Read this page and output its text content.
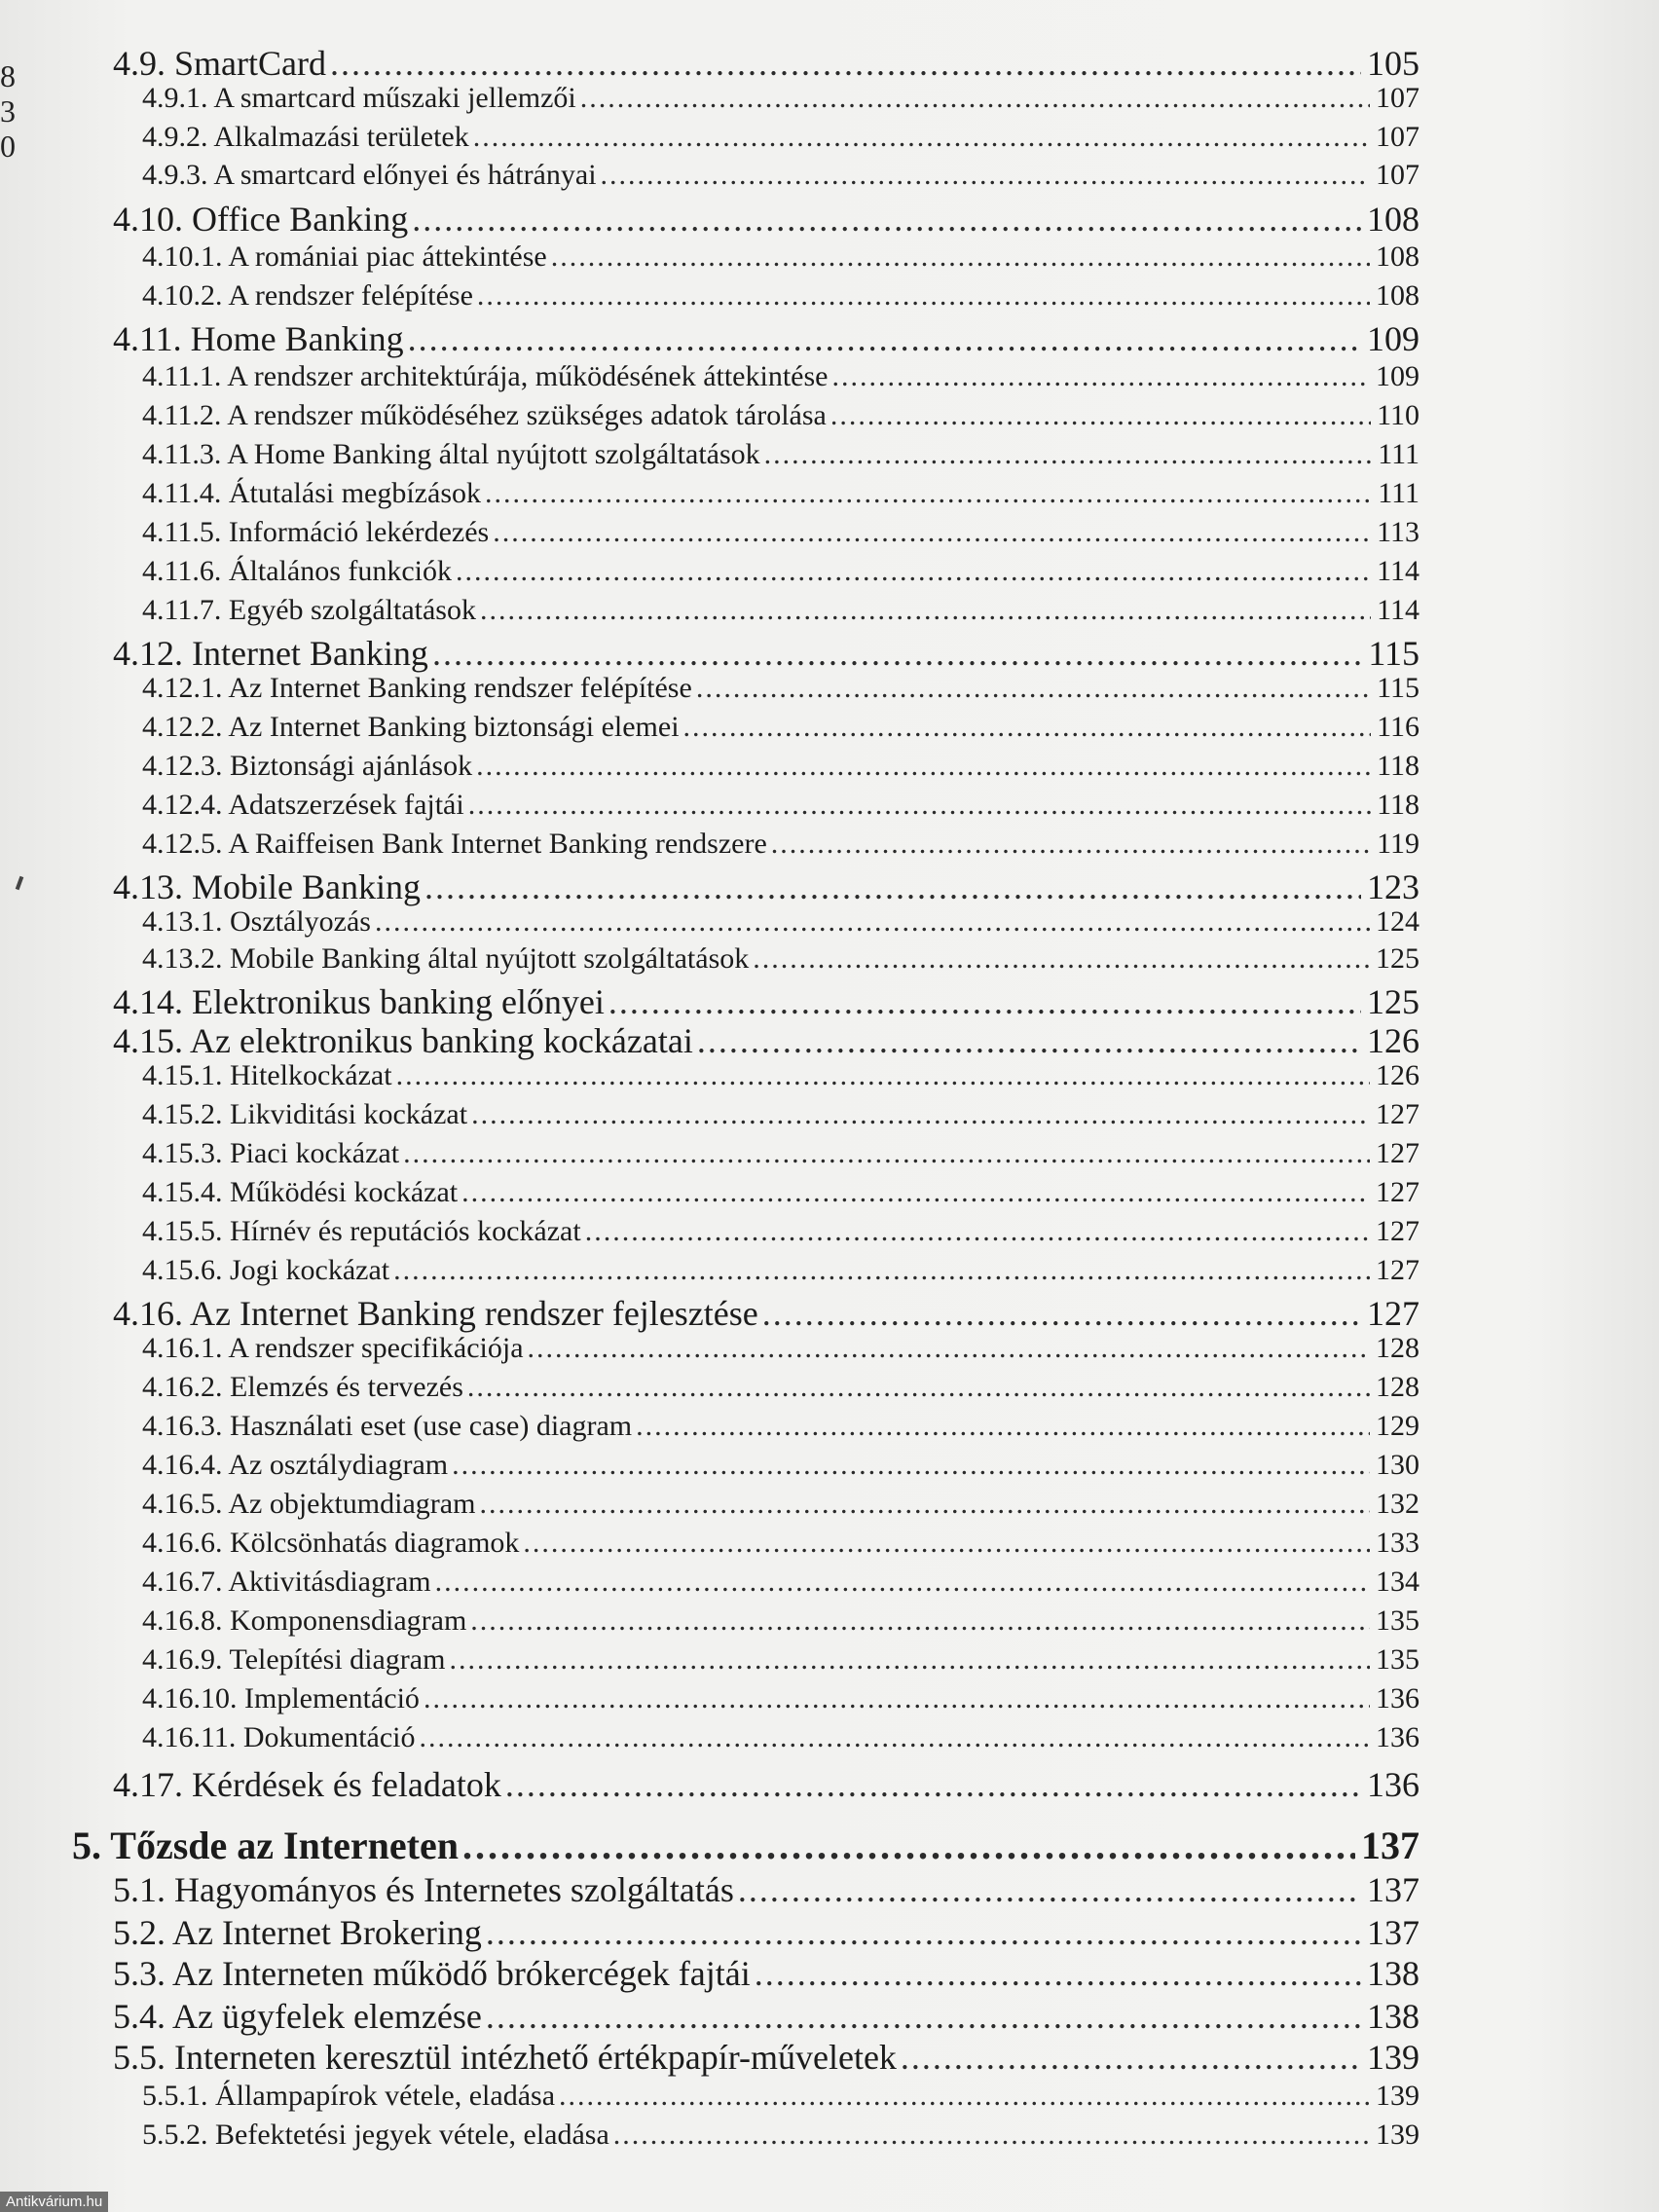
8
3
0
4.9. SmartCard .....	105
4.9.1. A smartcard műszaki jellemzői .....	107
4.9.2. Alkalmazási területek .....	107
4.9.3. A smartcard előnyei és hátrányai .....	107
4.10. Office Banking .....	108
4.10.1. A romániai piac áttekintése .....	108
4.10.2. A rendszer felépítése .....	108
4.11. Home Banking .....	109
4.11.1. A rendszer architektúrája, működésének áttekintése .....	109
4.11.2. A rendszer működéséhez szükséges adatok tárolása .....	110
4.11.3. A Home Banking által nyújtott szolgáltatások .....	111
4.11.4. Átutalási megbízások .....	111
4.11.5. Információ lekérdezés .....	113
4.11.6. Általános funkciók .....	114
4.11.7. Egyéb szolgáltatások .....	114
4.12. Internet Banking .....	115
4.12.1. Az Internet Banking rendszer felépítése .....	115
4.12.2. Az Internet Banking biztonsági elemei .....	116
4.12.3. Biztonsági ajánlások .....	118
4.12.4. Adatszerzések fajtái .....	118
4.12.5. A Raiffeisen Bank Internet Banking rendszere .....	119
4.13. Mobile Banking .....	123
4.13.1. Osztályozás .....	124
4.13.2. Mobile Banking által nyújtott szolgáltatások .....	125
4.14. Elektronikus banking előnyei .....	125
4.15. Az elektronikus banking kockázatai .....	126
4.15.1. Hitelkockázat .....	126
4.15.2. Likviditási kockázat .....	127
4.15.3. Piaci kockázat .....	127
4.15.4. Működési kockázat .....	127
4.15.5. Hírnév és reputációs kockázat .....	127
4.15.6. Jogi kockázat .....	127
4.16. Az Internet Banking rendszer fejlesztése .....	127
4.16.1. A rendszer specifikációja .....	128
4.16.2. Elemzés és tervezés .....	128
4.16.3. Használati eset (use case) diagram .....	129
4.16.4. Az osztálydiagram .....	130
4.16.5. Az objektumdiagram .....	132
4.16.6. Kölcsönhatás diagramok .....	133
4.16.7. Aktivitásdiagram .....	134
4.16.8. Komponensdiagram .....	135
4.16.9. Telepítési diagram .....	135
4.16.10. Implementáció .....	136
4.16.11. Dokumentáció .....	136
4.17. Kérdések és feladatok .....	136
5. Tőzsde az Interneten .....	137
5.1. Hagyományos és Internetes szolgáltatás .....	137
5.2. Az Internet Brokering .....	137
5.3. Az Interneten működő brókercégek fajtái .....	138
5.4. Az ügyfelek elemzése .....	138
5.5. Interneten keresztül intézhető értékpapír-műveletek .....	139
5.5.1. Állampapírok vétele, eladása .....	139
5.5.2. Befektetési jegyek vétele, eladása .....	139
Antikvárium.hu
